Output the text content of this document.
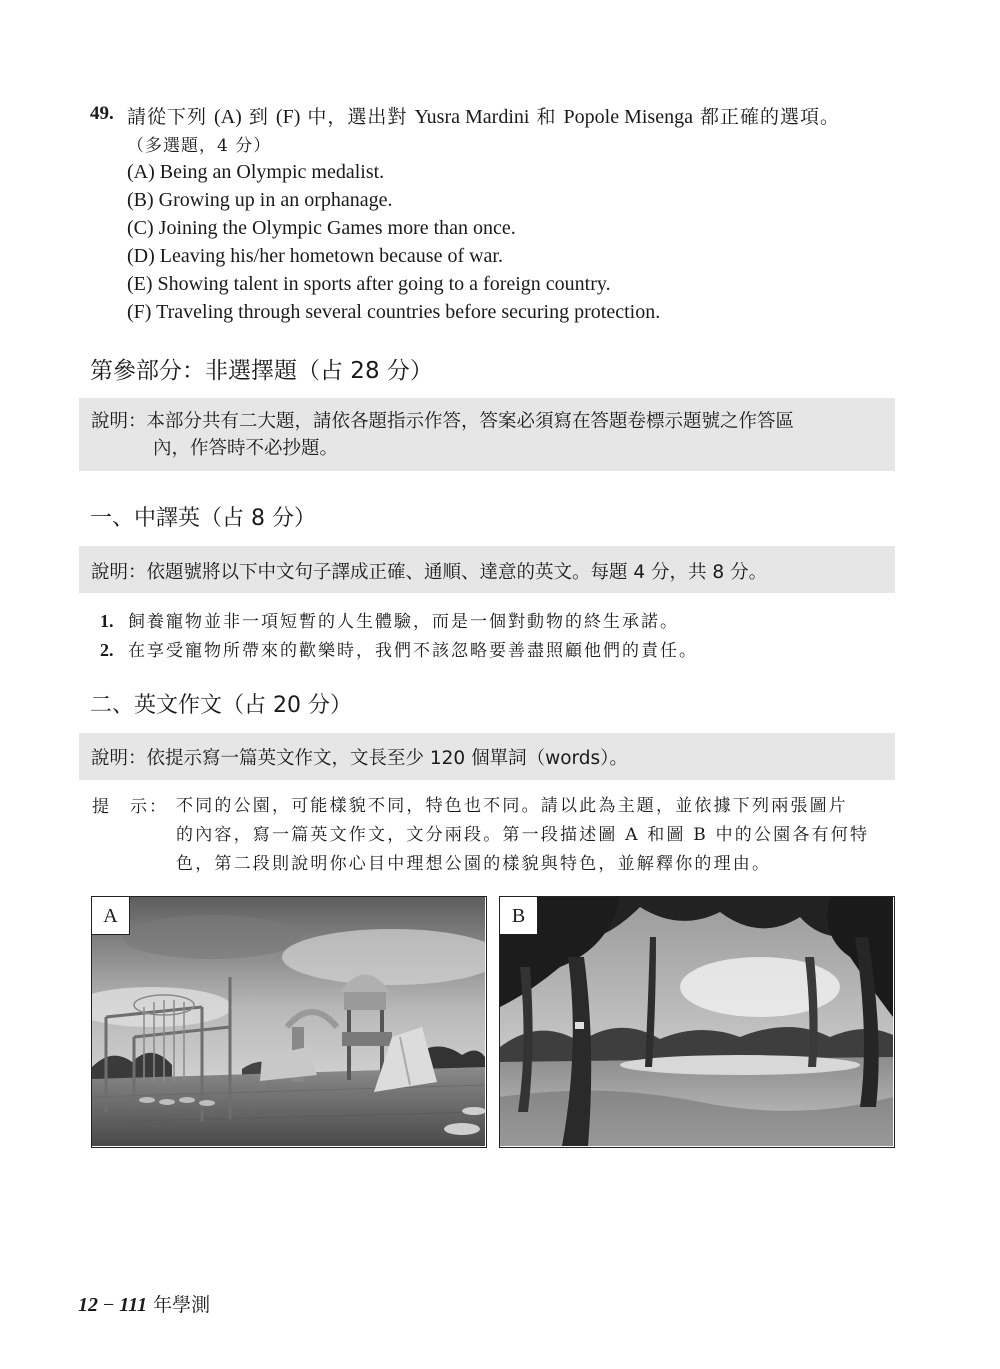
49. 請從下列 (A) 到 (F) 中，選出對 Yusra Mardini 和 Popole Misenga 都正確的選項。
（多選題，4 分）
(A) Being an Olympic medalist.
(B) Growing up in an orphanage.
(C) Joining the Olympic Games more than once.
(D) Leaving his/her hometown because of war.
(E) Showing talent in sports after going to a foreign country.
(F) Traveling through several countries before securing protection.
第參部分：非選擇題（占 28 分）
說明：本部分共有二大題，請依各題指示作答，答案必須寫在答題卷標示題號之作答區
內，作答時不必抄題。
一、中譯英（占 8 分）
說明：依題號將以下中文句子譯成正確、通順、達意的英文。每題 4 分，共 8 分。
1. 飼養寵物並非一項短暫的人生體驗，而是一個對動物的終生承諾。
2. 在享受寵物所帶來的歡樂時，我們不該忽略要善盡照顧他們的責任。
二、英文作文（占 20 分）
說明：依提示寫一篇英文作文，文長至少 120 個單詞（words）。
提　示： 不同的公園，可能樣貌不同，特色也不同。請以此為主題，並依據下列兩張圖片
的內容，寫一篇英文作文，文分兩段。第一段描述圖 A 和圖 B 中的公園各有何特
色，第二段則說明你心目中理想公園的樣貌與特色，並解釋你的理由。
A	B
12 − 111 年學測
